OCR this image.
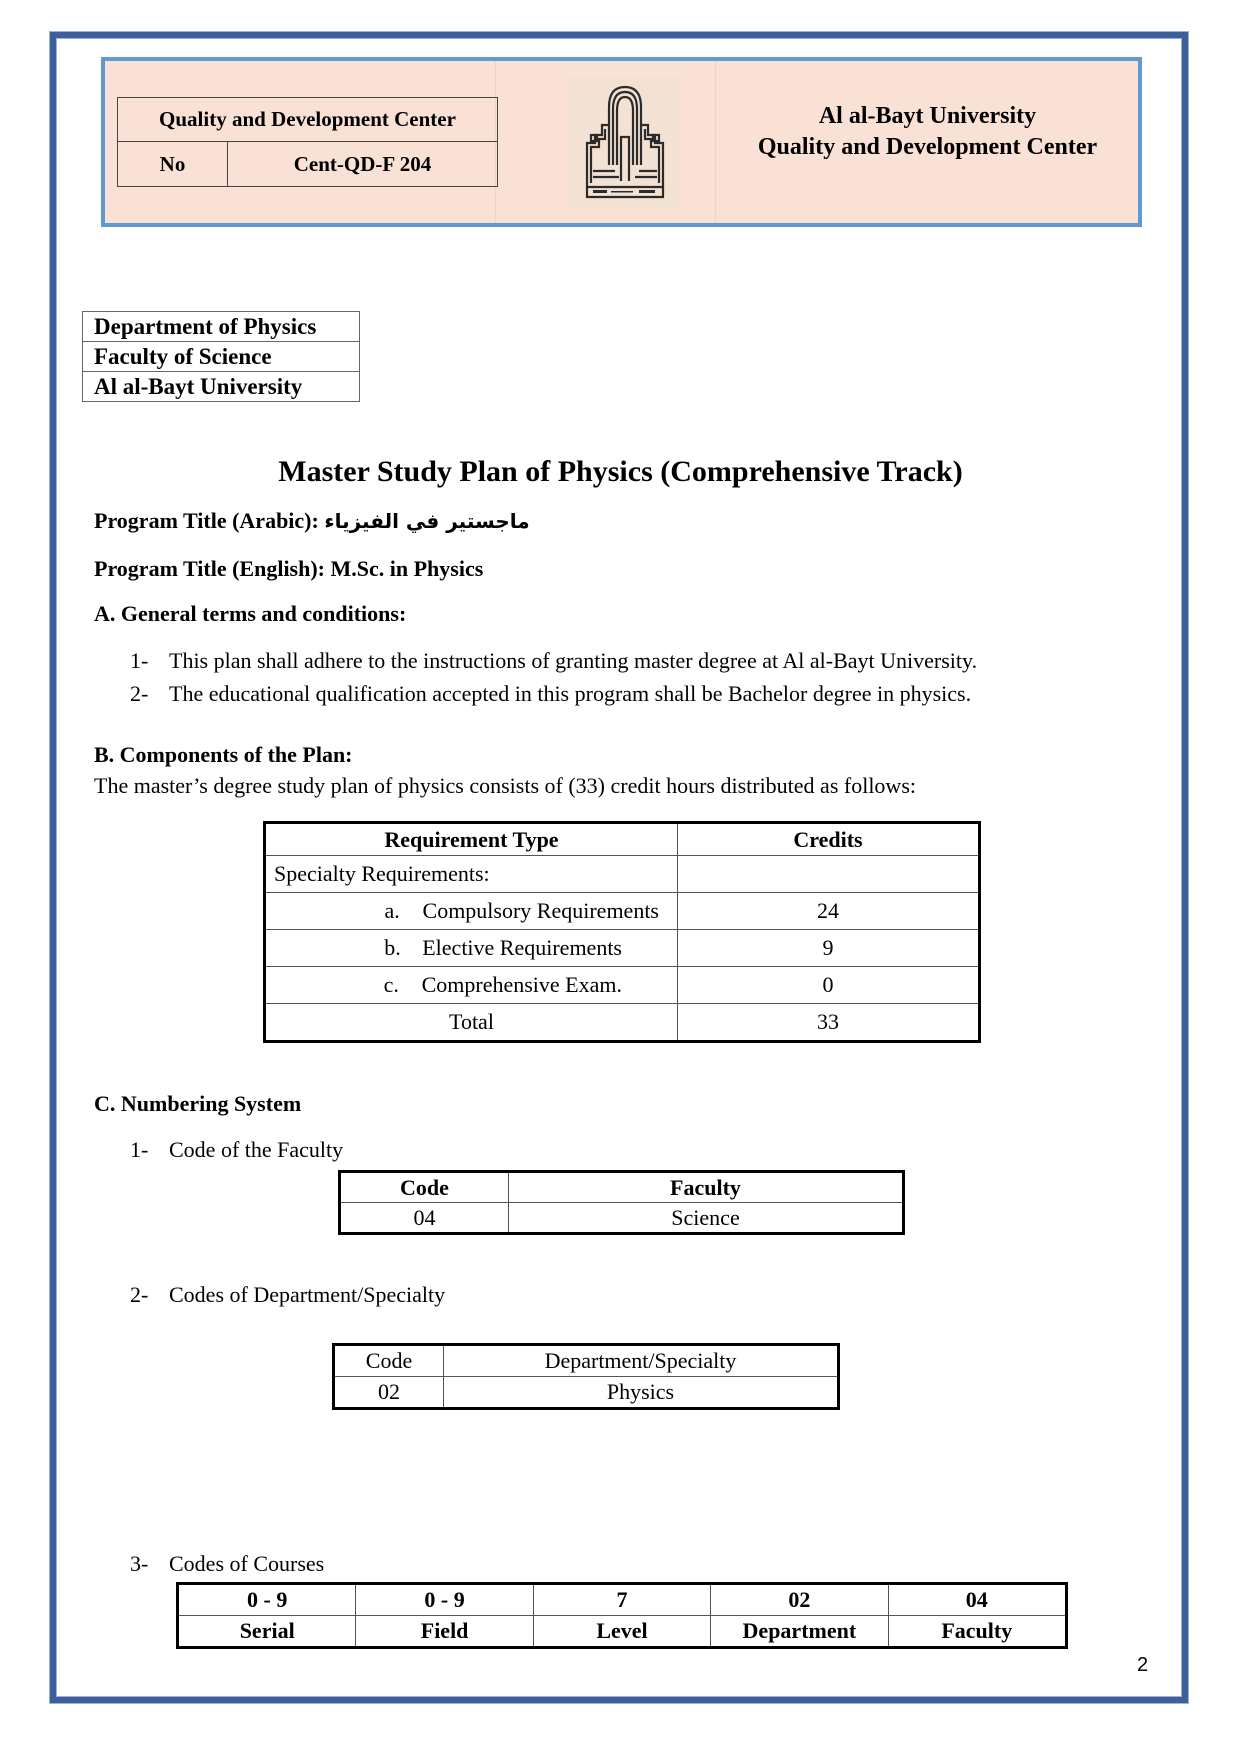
Quality and Development Center
No	Cent-QD-F 204
Al al-Bayt University
Quality and Development Center
Department of Physics
Faculty of Science
Al al-Bayt University
Master Study Plan of Physics (Comprehensive Track)
Program Title (Arabic): ماجستير في الفيزياء
Program Title (English): M.Sc. in Physics
A. General terms and conditions:
1- This plan shall adhere to the instructions of granting master degree at Al al-Bayt University.
2- The educational qualification accepted in this program shall be Bachelor degree in physics.
B. Components of the Plan:
The master’s degree study plan of physics consists of (33) credit hours distributed as follows:
Requirement Type	Credits
Specialty Requirements:	
a. Compulsory Requirements	24
b. Elective Requirements	9
c. Comprehensive Exam.	0
Total	33
C. Numbering System
1- Code of the Faculty
Code	Faculty
04	Science
2- Codes of Department/Specialty
Code	Department/Specialty
02	Physics
3- Codes of Courses
0 - 9	0 - 9	7	02	04
Serial	Field	Level	Department	Faculty
2
